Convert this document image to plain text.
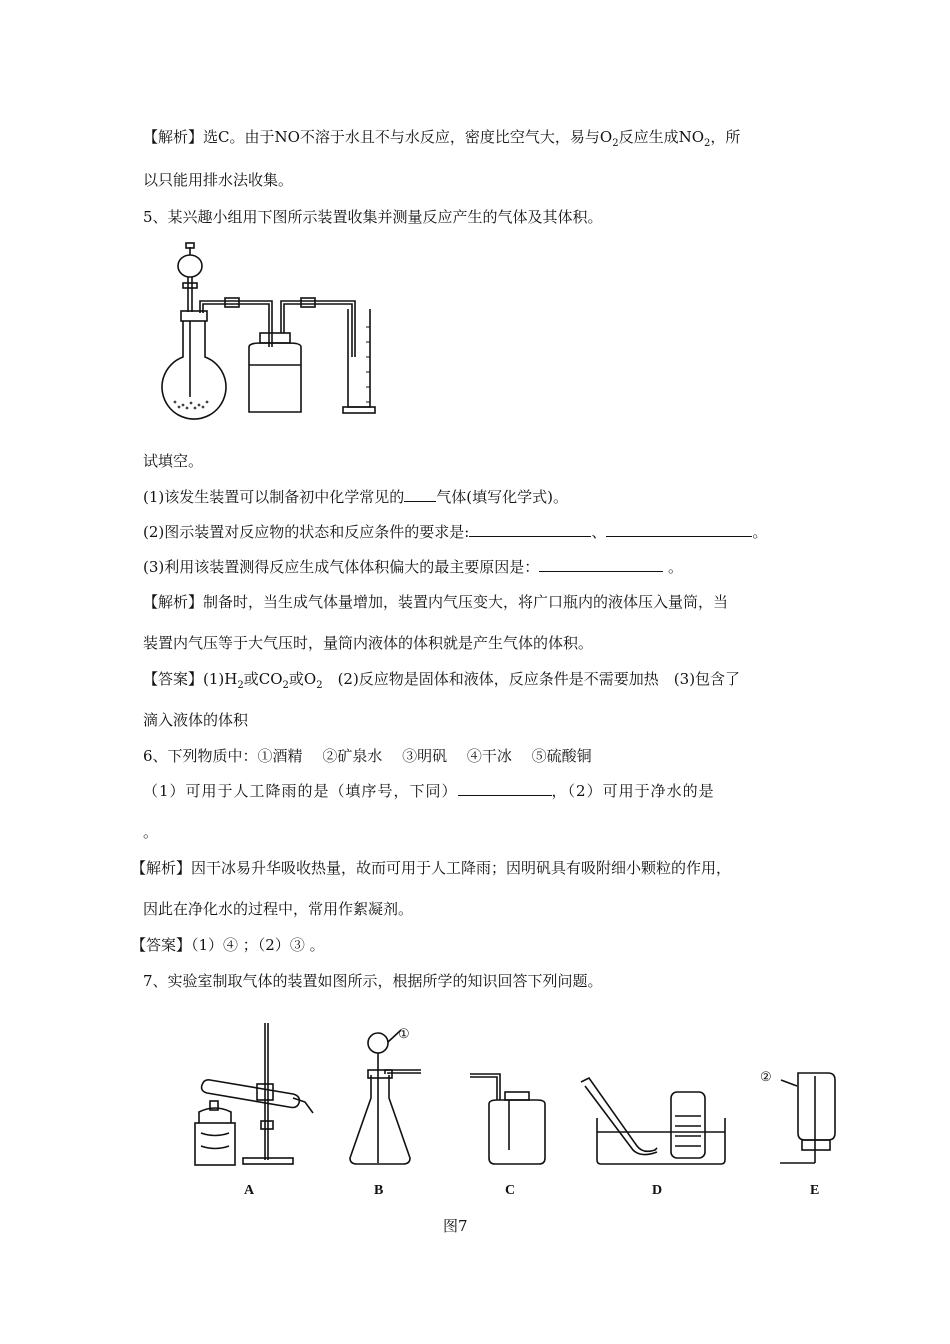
【解析】选C。由于NO不溶于水且不与水反应，密度比空气大，易与$O_2$反应生成$NO_2$，所
以只能用排水法收集。
5、某兴趣小组用下图所示装置收集并测量反应产生的气体及其体积。
试填空。
(1)该发生装置可以制备初中化学常见的 气体(填写化学式)。
(2)图示装置对反应物的状态和反应条件的要求是:	、	。
(3)利用该装置测得反应生成气体体积偏大的最主要原因是：	。
【解析】制备时，当生成气体量增加，装置内气压变大，将广口瓶内的液体压入量筒，当
装置内气压等于大气压时，量筒内液体的体积就是产生气体的体积。
【答案】$(1)H_2$或$CO_2$或$O_2$　(2)反应物是固体和液体，反应条件是不需要加热　(3)包含了
滴入液体的体积
6、下列物质中：①酒精　 ②矿泉水　 ③明矾　 ④干冰　 ⑤硫酸铜
（1）可用于人工降雨的是（填序号，下同）	，（2）可用于净水的是
。
【解析】因干冰易升华吸收热量，故而可用于人工降雨；因明矾具有吸附细小颗粒的作用，
因此在净化水的过程中，常用作絮凝剂。
【答案】（1）④ ；（2）③ 。
7、实验室制取气体的装置如图所示，根据所学的知识回答下列问题。
①
②
A	B	C	D	E
图7
